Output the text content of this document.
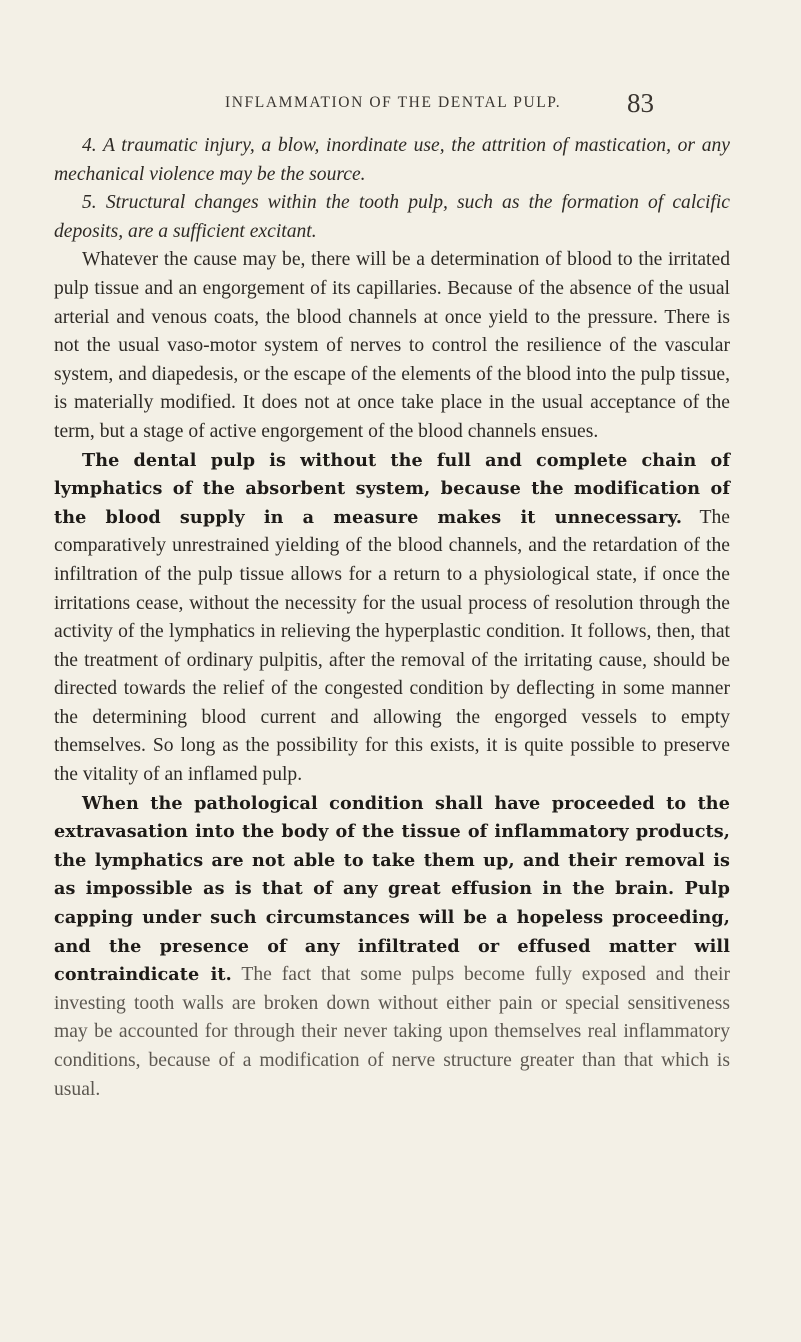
INFLAMMATION OF THE DENTAL PULP. 83

4. A traumatic injury, a blow, inordinate use, the attrition of mastication, or any mechanical violence may be the source.

5. Structural changes within the tooth pulp, such as the formation of calcific deposits, are a sufficient excitant.

Whatever the cause may be, there will be a determination of blood to the irritated pulp tissue and an engorgement of its capillaries. Because of the absence of the usual arterial and venous coats, the blood channels at once yield to the pressure. There is not the usual vaso-motor system of nerves to control the resilience of the vascular system, and diapedesis, or the escape of the elements of the blood into the pulp tissue, is materially modified. It does not at once take place in the usual acceptance of the term, but a stage of active engorgement of the blood channels ensues.

The dental pulp is without the full and complete chain of lymphatics of the absorbent system, because the modification of the blood supply in a measure makes it unnecessary. The comparatively unrestrained yielding of the blood channels, and the retardation of the infiltration of the pulp tissue allows for a return to a physiological state, if once the irritations cease, without the necessity for the usual process of resolution through the activity of the lymphatics in relieving the hyperplastic condition. It follows, then, that the treatment of ordinary pulpitis, after the removal of the irritating cause, should be directed towards the relief of the congested condition by deflecting in some manner the determining blood current and allowing the engorged vessels to empty themselves. So long as the possibility for this exists, it is quite possible to preserve the vitality of an inflamed pulp.

When the pathological condition shall have proceeded to the extravasation into the body of the tissue of inflammatory products, the lymphatics are not able to take them up, and their removal is as impossible as is that of any great effusion in the brain. Pulp capping under such circumstances will be a hopeless proceeding, and the presence of any infiltrated or effused matter will contraindicate it. The fact that some pulps become fully exposed and their investing tooth walls are broken down without either pain or special sensitiveness may be accounted for through their never taking upon themselves real inflammatory conditions, because of a modification of nerve structure greater than that which is usual.
